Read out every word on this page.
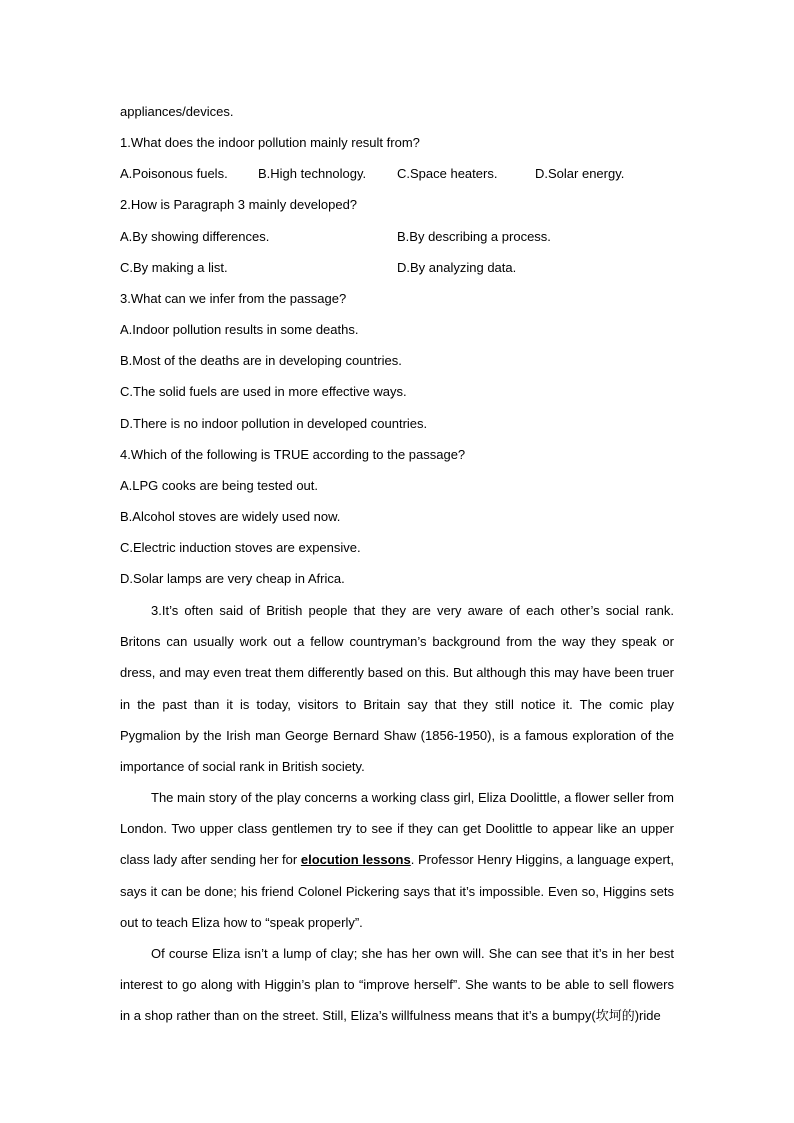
appliances/devices.
1.What does the indoor pollution mainly result from?
A.Poisonous fuels. B.High technology. C.Space heaters.	D.Solar energy.
2.How is Paragraph 3 mainly developed?
A.By showing differences.	B.By describing a process.
C.By making a list.	D.By analyzing data.
3.What can we infer from the passage?
A.Indoor pollution results in some deaths.
B.Most of the deaths are in developing countries.
C.The solid fuels are used in more effective ways.
D.There is no indoor pollution in developed countries.
4.Which of the following is TRUE according to the passage?
A.LPG cooks are being tested out.
B.Alcohol stoves are widely used now.
C.Electric induction stoves are expensive.
D.Solar lamps are very cheap in Africa.

3.It’s often said of British people that they are very aware of each other’s social rank. Britons can usually work out a fellow countryman’s background from the way they speak or dress, and may even treat them differently based on this. But although this may have been truer in the past than it is today, visitors to Britain say that they still notice it. The comic play Pygmalion by the Irish man George Bernard Shaw (1856-1950), is a famous exploration of the importance of social rank in British society.

The main story of the play concerns a working class girl, Eliza Doolittle, a flower seller from London. Two upper class gentlemen try to see if they can get Doolittle to appear like an upper class lady after sending her for elocution lessons. Professor Henry Higgins, a language expert, says it can be done; his friend Colonel Pickering says that it’s impossible. Even so, Higgins sets out to teach Eliza how to “speak properly”.

Of course Eliza isn’t a lump of clay; she has her own will. She can see that it’s in her best interest to go along with Higgin’s plan to “improve herself”. She wants to be able to sell flowers in a shop rather than on the street. Still, Eliza’s willfulness means that it’s a bumpy(坎坷的)ride
